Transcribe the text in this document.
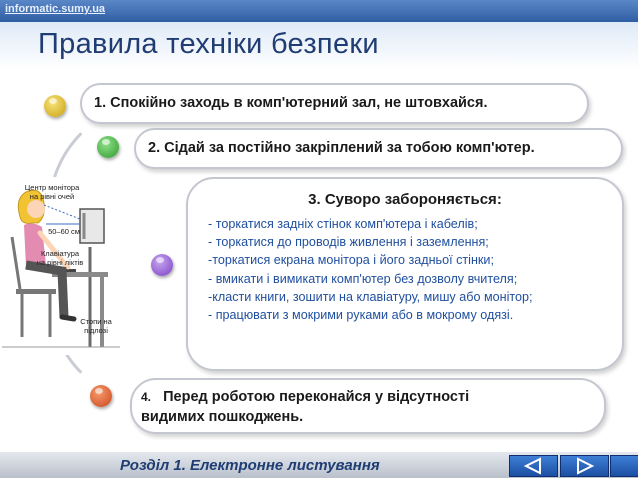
informatic.sumy.ua
Правила техніки безпеки
1. Спокійно заходь в комп'ютерний зал, не штовхайся.
2. Сідай за постійно закріплений за тобою комп'ютер.
3. Суворо забороняється:
- торкатися задніх стінок комп'ютера і кабелів;
- торкатися до проводів живлення і заземлення;
-торкатися екрана монітора і його задньої стінки;
- вмикати і вимикати комп'ютер без дозволу вчителя;
-класти книги, зошити на клавіатуру, мишу або монітор;
- працювати з мокрими руками або в мокрому одязі.
4. Перед роботою переконайся у відсутності
видимих пошкоджень.
Центр монітора на рівні очей
50–60 см
Клавіатура на рівні ліктів
Стопи на підлозі
Розділ 1. Електронне листування
